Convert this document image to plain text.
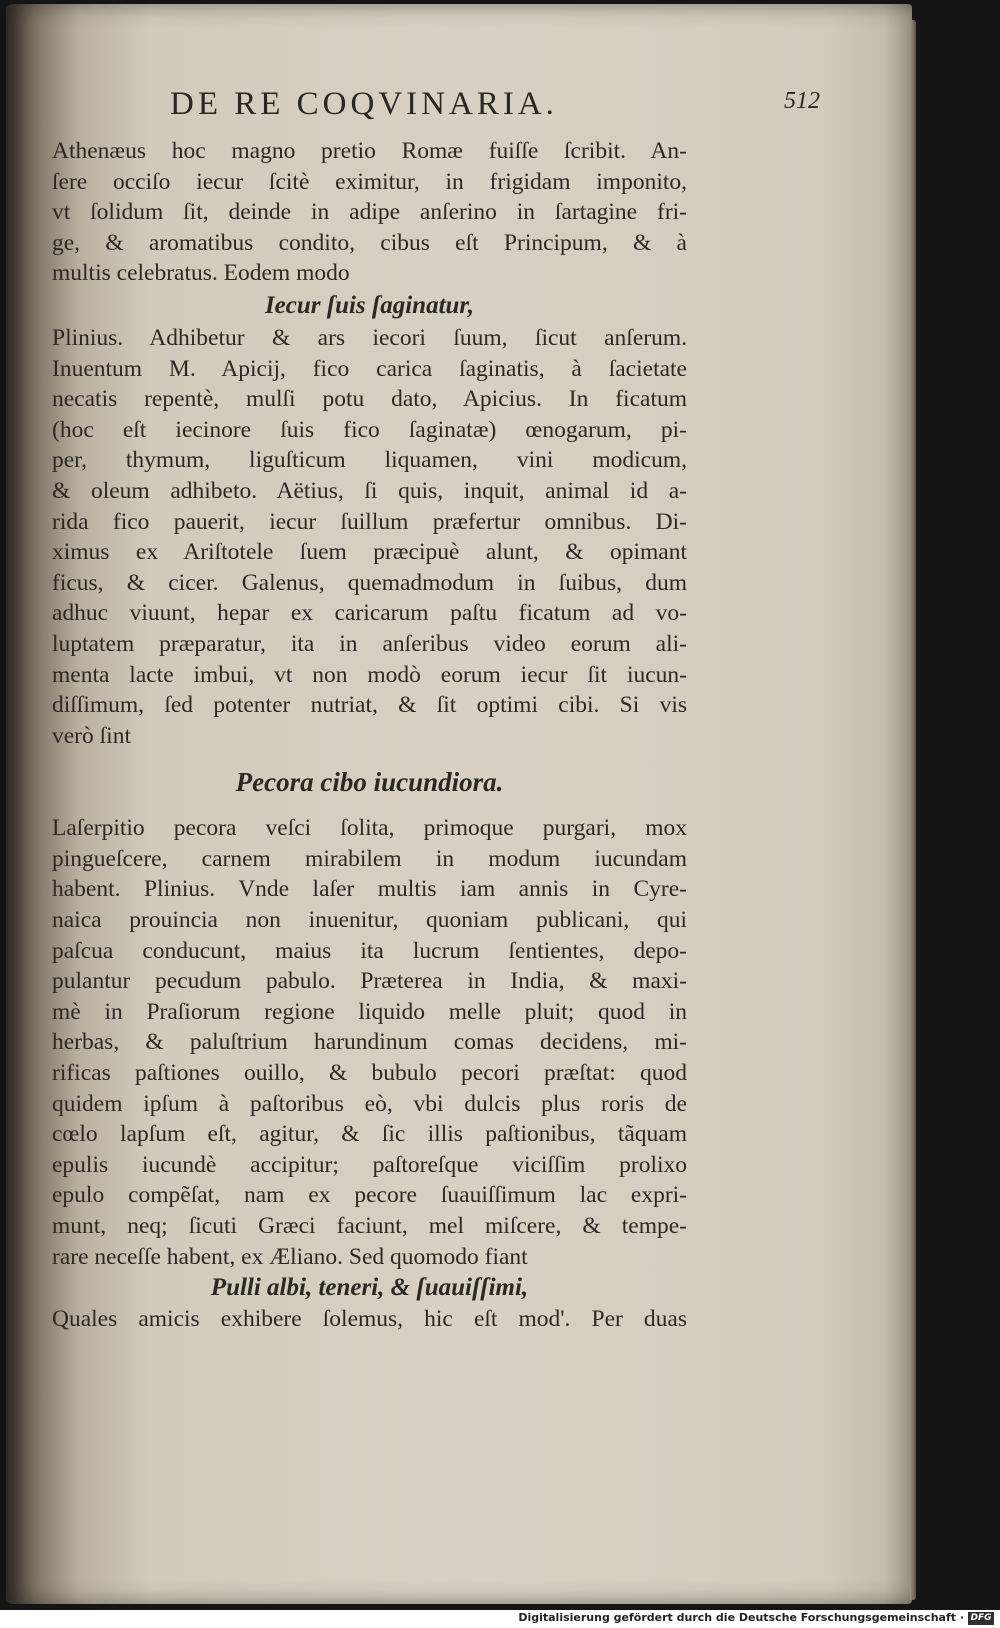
DE RE COQVINARIA.	512
Athenæus hoc magno pretio Romæ fuiſſe ſcribit. An-
ſere occiſo iecur ſcitè eximitur, in frigidam imponito,
vt ſolidum ſit, deinde in adipe anſerino in ſartagine fri-
ge, & aromatibus condito, cibus eſt Principum, & à
multis celebratus. Eodem modo
Iecur ſuis ſaginatur,
Plinius. Adhibetur & ars iecori ſuum, ſicut anſerum.
Inuentum M. Apicij, fico carica ſaginatis, à ſacietate
necatis repentè, mulſi potu dato, Apicius. In ficatum
(hoc eſt iecinore ſuis fico ſaginatæ) œnogarum, pi-
per, thymum, liguſticum liquamen, vini modicum,
& oleum adhibeto. Aëtius, ſi quis, inquit, animal id a-
rida fico pauerit, iecur ſuillum præfertur omnibus. Di-
ximus ex Ariſtotele ſuem præcipuè alunt, & opimant
ficus, & cicer. Galenus, quemadmodum in ſuibus, dum
adhuc viuunt, hepar ex caricarum paſtu ficatum ad vo-
luptatem præparatur, ita in anſeribus video eorum ali-
menta lacte imbui, vt non modò eorum iecur ſit iucun-
diſſimum, ſed potenter nutriat, & ſit optimi cibi. Si vis
verò ſint
Pecora cibo iucundiora.
Laſerpitio pecora veſci ſolita, primoque purgari, mox
pingueſcere, carnem mirabilem in modum iucundam
habent. Plinius. Vnde laſer multis iam annis in Cyre-
naica prouincia non inuenitur, quoniam publicani, qui
paſcua conducunt, maius ita lucrum ſentientes, depo-
pulantur pecudum pabulo. Præterea in India, & maxi-
mè in Praſiorum regione liquido melle pluit; quod in
herbas, & paluſtrium harundinum comas decidens, mi-
rificas paſtiones ouillo, & bubulo pecori præſtat: quod
quidem ipſum à paſtoribus eò, vbi dulcis plus roris de
cœlo lapſum eſt, agitur, & ſic illis paſtionibus, tãquam
epulis iucundè accipitur; paſtoreſque viciſſim prolixo
epulo compẽſat, nam ex pecore ſuauiſſimum lac expri-
munt, neq; ſicuti Græci faciunt, mel miſcere, & tempe-
rare neceſſe habent, ex Æliano. Sed quomodo fiant
Pulli albi, teneri, & ſuauiſſimi,
Quales amicis exhibere ſolemus, hic eſt mod'. Per duas
Digitalisierung gefördert durch die Deutsche Forschungsgemeinschaft · DFG
